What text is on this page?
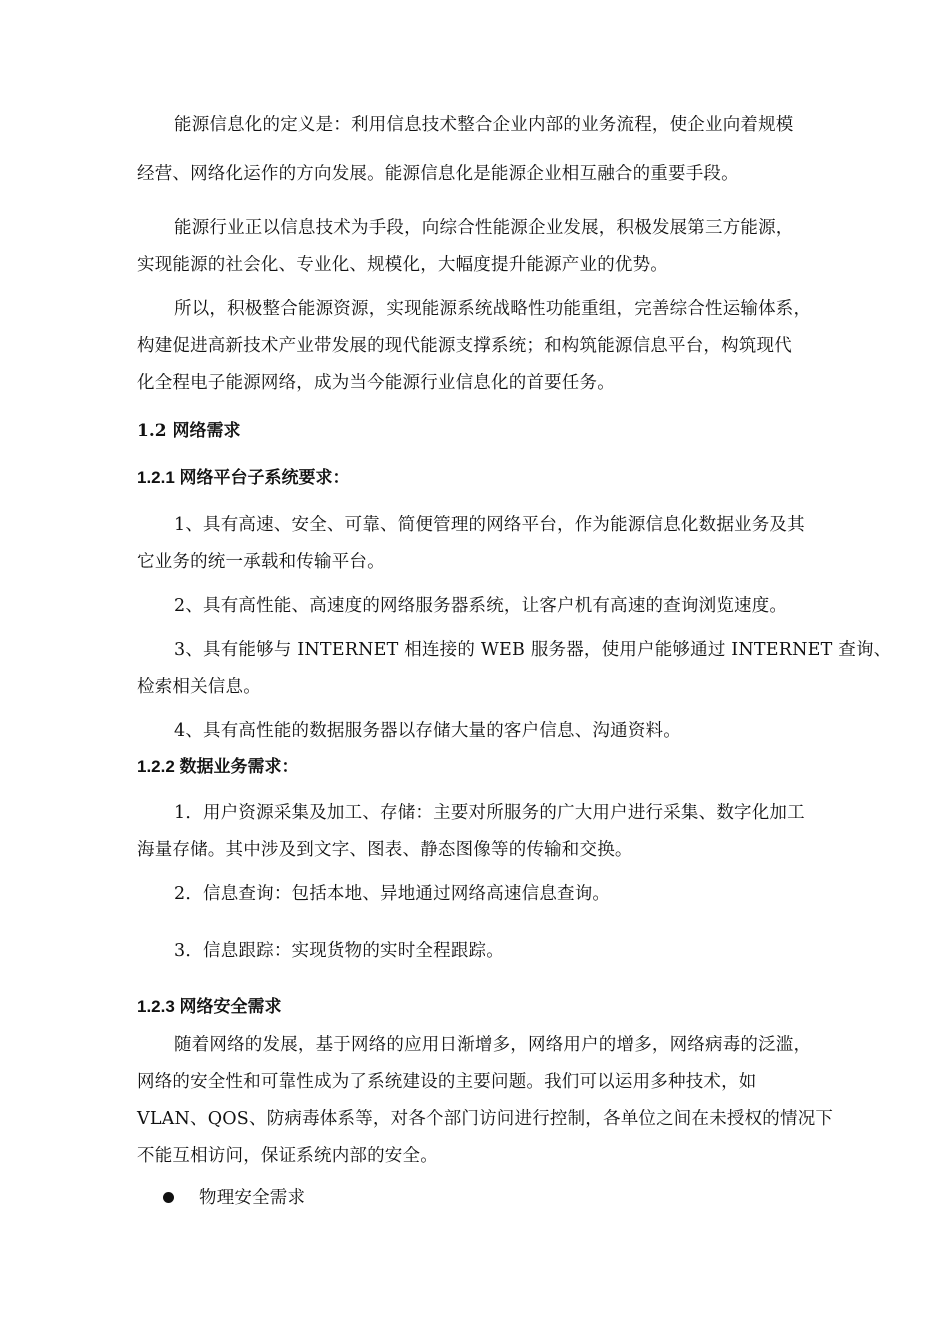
能源信息化的定义是：利用信息技术整合企业内部的业务流程，使企业向着规模
经营、网络化运作的方向发展。能源信息化是能源企业相互融合的重要手段。
能源行业正以信息技术为手段，向综合性能源企业发展，积极发展第三方能源，
实现能源的社会化、专业化、规模化，大幅度提升能源产业的优势。
所以，积极整合能源资源，实现能源系统战略性功能重组，完善综合性运输体系，
构建促进高新技术产业带发展的现代能源支撑系统；和构筑能源信息平台，构筑现代
化全程电子能源网络，成为当今能源行业信息化的首要任务。
1.2 网络需求
1.2.1 网络平台子系统要求：
1、具有高速、安全、可靠、简便管理的网络平台，作为能源信息化数据业务及其
它业务的统一承载和传输平台。
2、具有高性能、高速度的网络服务器系统，让客户机有高速的查询浏览速度。
3、具有能够与 INTERNET 相连接的 WEB 服务器，使用户能够通过 INTERNET 查询、
检索相关信息。
4、具有高性能的数据服务器以存储大量的客户信息、沟通资料。
1.2.2 数据业务需求：
1．用户资源采集及加工、存储：主要对所服务的广大用户进行采集、数字化加工
海量存储。其中涉及到文字、图表、静态图像等的传输和交换。
2．信息查询：包括本地、异地通过网络高速信息查询。
3．信息跟踪：实现货物的实时全程跟踪。
1.2.3 网络安全需求
随着网络的发展，基于网络的应用日渐增多，网络用户的增多，网络病毒的泛滥，
网络的安全性和可靠性成为了系统建设的主要问题。我们可以运用多种技术，如
VLAN、QOS、防病毒体系等，对各个部门访问进行控制，各单位之间在未授权的情况下
不能互相访问，保证系统内部的安全。
物理安全需求
